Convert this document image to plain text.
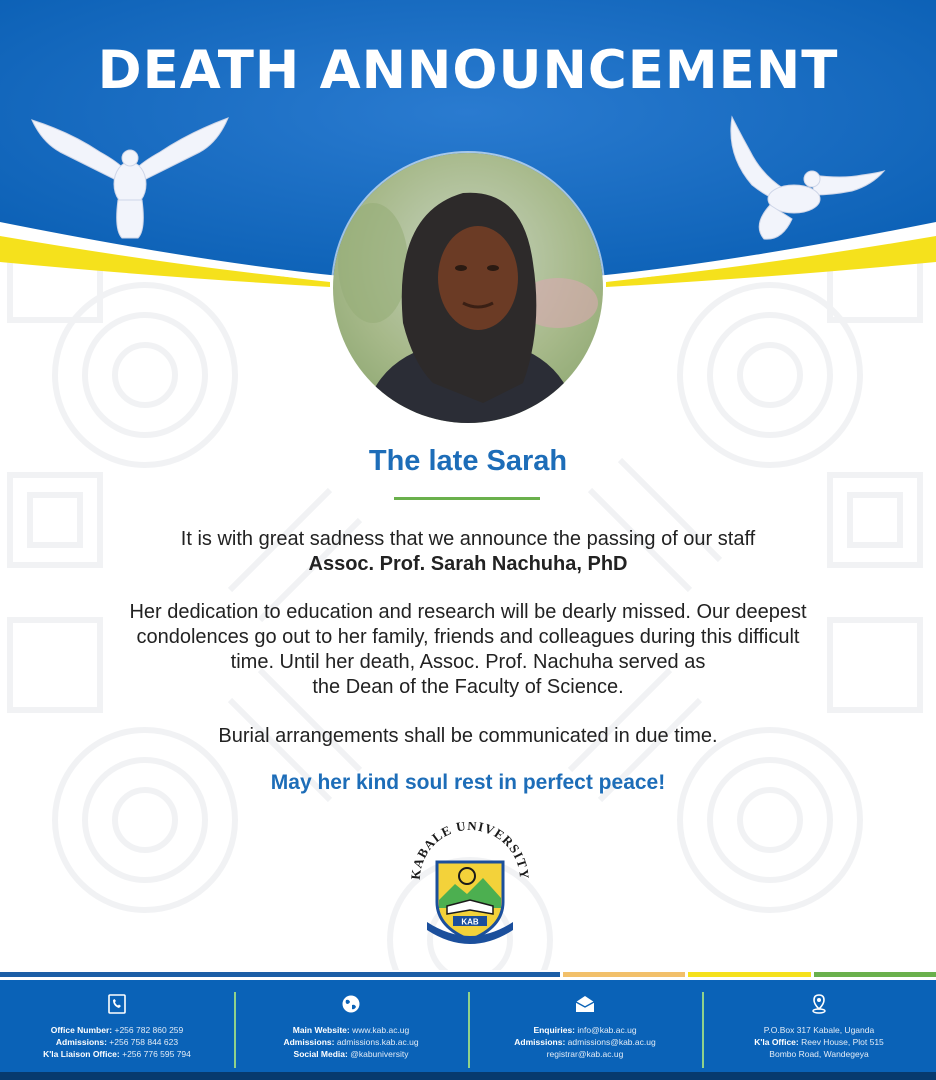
DEATH ANNOUNCEMENT
The late Sarah
It is with great sadness that we announce the passing of our staff
Assoc. Prof. Sarah Nachuha, PhD
Her dedication to education and research will be dearly missed. Our deepest
condolences go out to her family, friends and colleagues during this difficult
time. Until her death, Assoc. Prof. Nachuha served as
the Dean of the Faculty of Science.
Burial arrangements shall be communicated in due time.
May her kind soul rest in perfect peace!
KABALE UNIVERSITY
KAB
Office Number: +256 782 860 259
Admissions: +256 758 844 623
K'la Liaison Office: +256 776 595 794
Main Website: www.kab.ac.ug
Admissions: admissions.kab.ac.ug
Social Media: @kabuniversity
Enquiries: info@kab.ac.ug
Admissions: admissions@kab.ac.ug
registrar@kab.ac.ug
P.O.Box 317 Kabale, Uganda
K'la Office: Reev House, Plot 515
Bombo Road, Wandegeya
